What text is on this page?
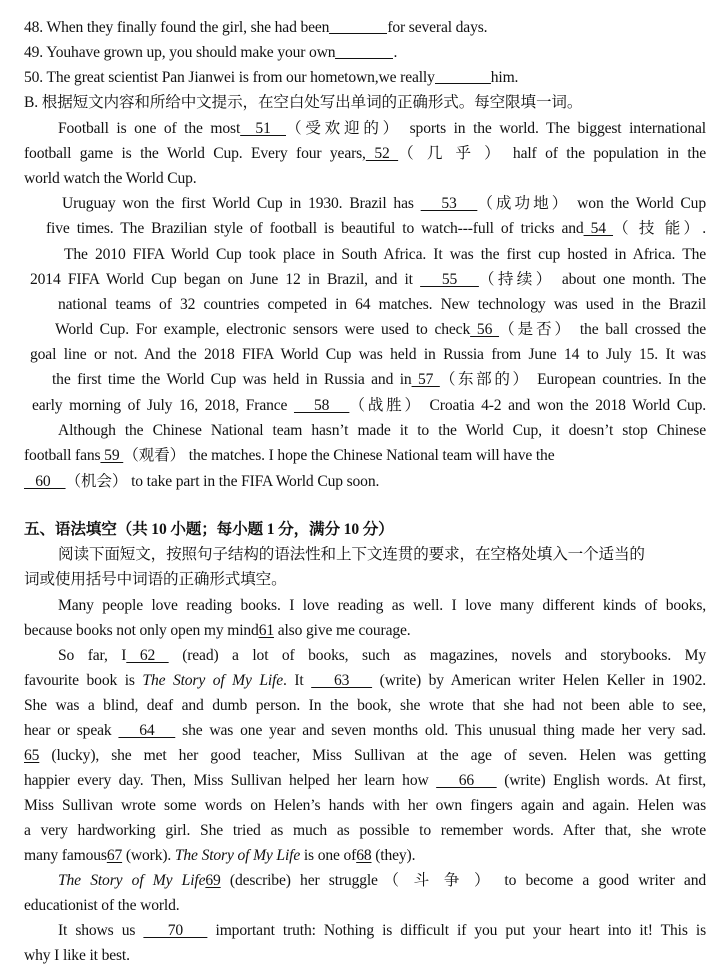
48. When they finally found the girl, she had been	for several days.
49. Youhave grown up, you should make your own	.
50. The great scientist Pan Jianwei is from our hometown,we really	him.
B. 根据短文内容和所给中文提示，在空白处写出单词的正确形式。每空限填一词。
Football is one of the most  51  （受欢迎的） sports in the world. The biggest international
football game is the World Cup. Every four years, 52 （ 几 乎 ） half of the population in the
world watch the World Cup.
Uruguay won the first World Cup in 1930. Brazil has    53   （成功地） won the World Cup
five times. The Brazilian style of football is beautiful to watch---full of tricks and 54 （ 技 能）.
The 2010 FIFA World Cup took place in South Africa. It was the first cup hosted in Africa. The
2014 FIFA World Cup began on June 12 in Brazil, and it    55   （持续） about one month. The
national teams of 32 countries competed in 64 matches. New technology was used in the Brazil
World Cup. For example, electronic sensors were used to check 56 （是否） the ball crossed the
goal line or not. And the 2018 FIFA World Cup was held in Russia from June 14 to July 15. It was
the first time the World Cup was held in Russia and in 57 （东部的） European countries. In the
early morning of July 16, 2018, France    58   （战胜） Croatia 4-2 and won the 2018 World Cup.
Although the Chinese National team hasn’t made it to the World Cup, it doesn’t stop Chinese
football fans 59 （观看） the matches. I hope the Chinese National team will have the
60    （机会） to take part in the FIFA World Cup soon.
五、语法填空（共 10 小题；每小题 1 分，满分 10 分）
阅读下面短文，按照句子结构的语法性和上下文连贯的要求，在空格处填入一个适当的
词或使用括号中词语的正确形式填空。
Many people love reading books. I love reading as well. I love many different kinds of books,
because books not only open my mind61 also give me courage.
So far, I 62  (read) a lot of books, such as magazines, novels and storybooks. My
favourite book is The Story of My Life. It    63    (write) by American writer Helen Keller in 1902.
She was a blind, deaf and dumb person. In the book, she wrote that she had not been able to see,
hear or speak    64    she was one year and seven months old. This unusual thing made her very sad.
65 (lucky), she met her good teacher, Miss Sullivan at the age of seven. Helen was getting
happier every day. Then, Miss Sullivan helped her learn how    66    (write) English words. At first,
Miss Sullivan wrote some words on Helen’s hands with her own fingers again and again. Helen was
a very hardworking girl. She tried as much as possible to remember words. After that, she wrote
many famous67 (work). The Story of My Life is one of68 (they).
The Story of My Life69 (describe) her struggle（ 斗 争 ） to become a good writer and
educationist of the world.
It shows us    70    important truth: Nothing is difficult if you put your heart into it! This is
why I like it best.
